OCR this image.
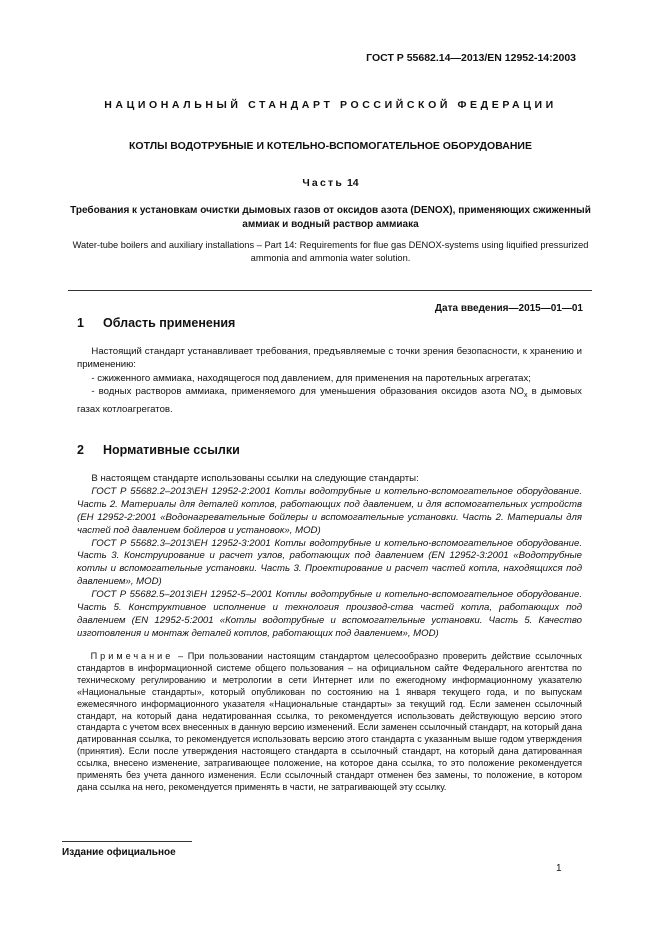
ГОСТ Р 55682.14—2013/EN 12952-14:2003
НАЦИОНАЛЬНЫЙ СТАНДАРТ РОССИЙСКОЙ ФЕДЕРАЦИИ
КОТЛЫ ВОДОТРУБНЫЕ И КОТЕЛЬНО-ВСПОМОГАТЕЛЬНОЕ ОБОРУДОВАНИЕ
Часть 14
Требования к установкам очистки дымовых газов от оксидов азота (DENOX), применяющих сжиженный аммиак и водный раствор аммиака
Water-tube boilers and auxiliary installations – Part 14: Requirements for flue gas DENOX-systems using liquified pressurized ammonia and ammonia water solution.
Дата введения—2015—01—01
1 Область применения

  Настоящий стандарт устанавливает требования, предъявляемые с точки зрения безопасности, к хранению и применению:

  - сжиженного аммиака, находящегося под давлением, для применения на паротельных агрегатах;

  - водных растворов аммиака, применяемого для уменьшения образования оксидов азота $NO_x$ в дымовых газах котлоагрегатов.

2 Нормативные ссылки

  В настоящем стандарте использованы ссылки на следующие стандарты:

  ГОСТ Р 55682.2–2013\EH 12952-2:2001 Котлы водотрубные и котельно-вспомогательное оборудование. Часть 2. Материалы для деталей котлов, работающих под давлением, и для вспомогательных устройств (EH 12952-2:2001 «Водонагревательные бойлеры и вспомогательные установки. Часть 2. Материалы для частей под давлением бойлеров и установок», MOD)

  ГОСТ Р 55682.3–2013\EH 12952-3:2001 Котлы водотрубные и котельно-вспомогательное оборудование. Часть 3. Конструирование и расчет узлов, работающих под давлением (EN 12952-3:2001 «Водотрубные котлы и вспомогательные установки. Часть 3. Проектирование и расчет частей котла, находящихся под давлением», MOD)

  ГОСТ Р 55682.5–2013\EH 12952-5–2001 Котлы водотрубные и котельно-вспомогательное оборудование. Часть 5. Конструктивное исполнение и технология производ-ства частей котла, работающих под давлением (EN 12952-5:2001 «Котлы водотрубные и вспомогательные установки. Часть 5. Качество изготовления и монтаж деталей котлов, работающих под давлением», MOD)

  Примечание – При пользовании настоящим стандартом целесообразно проверить действие ссылочных стандартов в информационной системе общего пользования – на официальном сайте Федерального агентства по техническому регулированию и метрологии в сети Интернет или по ежегодному информационному указателю «Национальные стандарты», который опубликован по состоянию на 1 января текущего года, и по выпускам ежемесячного информационного указателя «Национальные стандарты» за текущий год. Если заменен ссылочный стандарт, на который дана недатированная ссылка, то рекомендуется использовать действующую версию этого стандарта с учетом всех внесенных в данную версию изменений. Если заменен ссылочный стандарт, на который дана датированная ссылка, то рекомендуется использовать версию этого стандарта с указанным выше годом утверждения (принятия). Если после утверждения настоящего стандарта в ссылочный стандарт, на который дана датированная ссылка, внесено изменение, затрагивающее положение, на которое дана ссылка, то это положение рекомендуется применять без учета данного изменения. Если ссылочный стандарт отменен без замены, то положение, в котором дана ссылка на него, рекомендуется применять в части, не затрагивающей эту ссылку.
Издание официальное
1
